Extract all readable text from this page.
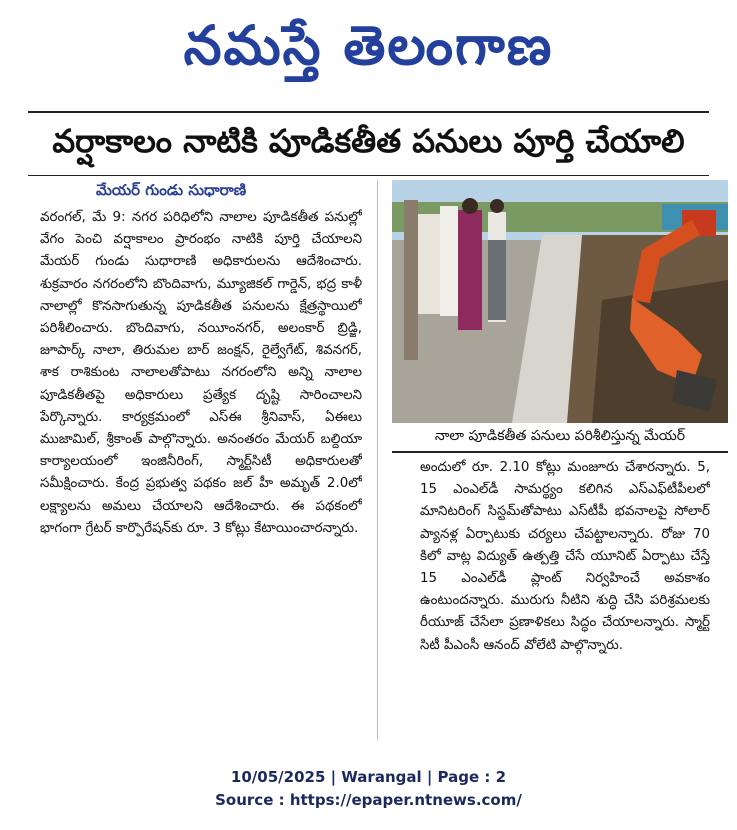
నమస్తే తెలంగాణ
వర్షాకాలం నాటికి పూడికతీత పనులు పూర్తి చేయాలి
మేయర్ గుండు సుధారాణి
వరంగల్, మే 9: నగర పరిధిలోని నాలాల పూడికతీత పనుల్లో వేగం పెంచి వర్షాకాలం ప్రారంభం నాటికి పూర్తి చేయాలని మేయర్ గుండు సుధారాణి అధికారులను ఆదేశించారు. శుక్రవారం నగరంలోని బొందివాగు, మ్యూజికల్ గార్డెన్, భద్ర కాళీ నాలాల్లో కొనసాగుతున్న పూడికతీత పనులను క్షేత్రస్థాయిలో పరిశీలించారు. బొందివాగు, నయీంనగర్, అలంకార్ బ్రిడ్జి, జూపార్క్ నాలా, తిరుమల బార్ జంక్షన్, రైల్వేగేట్, శివనగర్, శాక రాశికుంట నాలాలతోపాటు నగరంలోని అన్ని నాలాల పూడికతీతపై అధికారులు ప్రత్యేక దృష్టి సారించాలని పేర్కొన్నారు. కార్యక్రమంలో ఎస్ఈ శ్రీనివాస్, ఏఈలు ముజామిల్, శ్రీకాంత్ పాల్గొన్నారు. అనంతరం మేయర్ బల్దియా కార్యాలయంలో ఇంజినీరింగ్, స్మార్ట్‌సిటీ అధికారులతో సమీక్షించారు. కేంద్ర ప్రభుత్వ పథకం జల్ హీ అమృత్ 2.0లో లక్ష్యాలను అమలు చేయాలని ఆదేశించారు. ఈ పథకంలో భాగంగా గ్రేటర్ కార్పొరేషన్‌కు రూ. 3 కోట్లు కేటాయించారన్నారు.
నాలా పూడికతీత పనులు పరిశీలిస్తున్న మేయర్
అందులో రూ. 2.10 కోట్లు మంజూరు చేశారన్నారు. 5, 15 ఎంఎల్‌డీ సామర్థ్యం కలిగిన ఎస్‌ఎఫ్‌టీపీలలో మానిటరింగ్ సిస్టమ్‌తోపాటు ఎస్‌టీపీ భవనాలపై సోలార్ ప్యానళ్ల ఏర్పాటుకు చర్యలు చేపట్టాలన్నారు. రోజు 70 కిలో వాట్ల విద్యుత్ ఉత్పత్తి చేసే యూనిట్ ఏర్పాటు చేస్తే 15 ఎంఎల్‌డీ ప్లాంట్ నిర్వహించే అవకాశం ఉంటుందన్నారు. మురుగు నీటిని శుద్ధి చేసి పరిశ్రమలకు రీయూజ్ చేసేలా ప్రణాళికలు సిద్ధం చేయాలన్నారు. స్మార్ట్ సిటీ పీఎంసీ ఆనంద్ వోలేటి పాల్గొన్నారు.
10/05/2025 | Warangal | Page : 2
Source : https://epaper.ntnews.com/
